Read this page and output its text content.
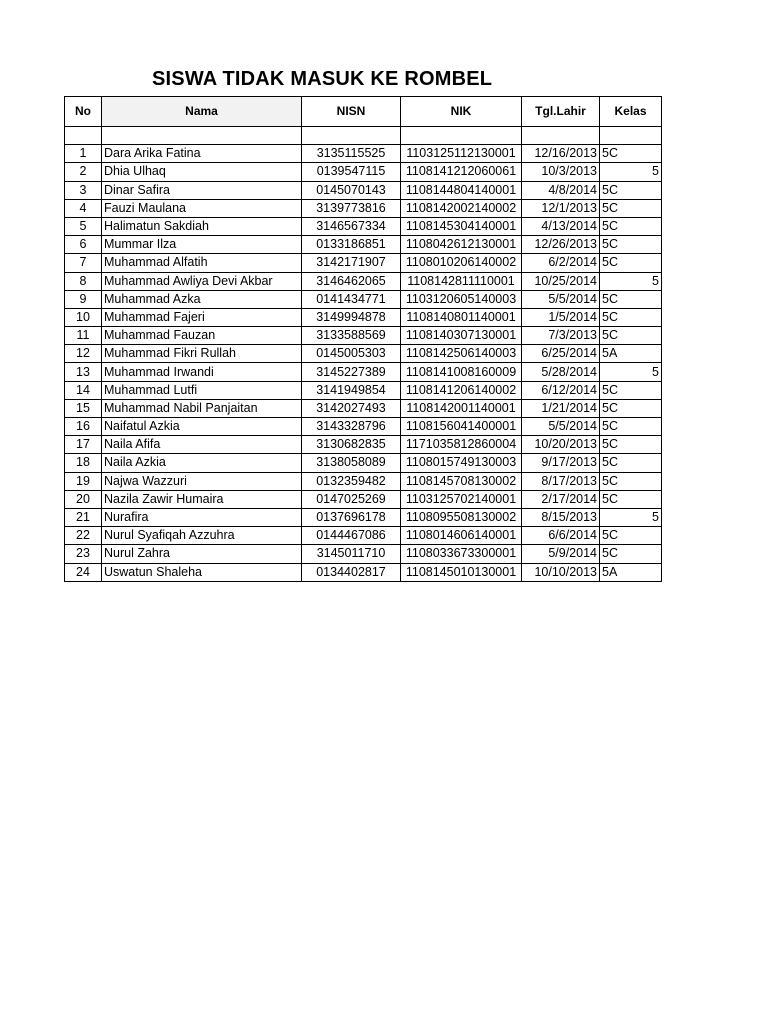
SISWA TIDAK MASUK KE ROMBEL
No	Nama	NISN	NIK	Tgl.Lahir	Kelas

1	Dara Arika Fatina	3135115525	1103125112130001	12/16/2013	5C
2	Dhia Ulhaq	0139547115	1108141212060061	10/3/2013	5
3	Dinar Safira	0145070143	1108144804140001	4/8/2014	5C
4	Fauzi Maulana	3139773816	1108142002140002	12/1/2013	5C
5	Halimatun Sakdiah	3146567334	1108145304140001	4/13/2014	5C
6	Mummar Ilza	0133186851	1108042612130001	12/26/2013	5C
7	Muhammad Alfatih	3142171907	1108010206140002	6/2/2014	5C
8	Muhammad Awliya Devi Akbar	3146462065	1108142811110001	10/25/2014	5
9	Muhammad Azka	0141434771	1103120605140003	5/5/2014	5C
10	Muhammad Fajeri	3149994878	1108140801140001	1/5/2014	5C
11	Muhammad Fauzan	3133588569	1108140307130001	7/3/2013	5C
12	Muhammad Fikri Rullah	0145005303	1108142506140003	6/25/2014	5A
13	Muhammad Irwandi	3145227389	1108141008160009	5/28/2014	5
14	Muhammad Lutfi	3141949854	1108141206140002	6/12/2014	5C
15	Muhammad Nabil Panjaitan	3142027493	1108142001140001	1/21/2014	5C
16	Naifatul Azkia	3143328796	1108156041400001	5/5/2014	5C
17	Naila Afifa	3130682835	1171035812860004	10/20/2013	5C
18	Naila Azkia	3138058089	1108015749130003	9/17/2013	5C
19	Najwa Wazzuri	0132359482	1108145708130002	8/17/2013	5C
20	Nazila Zawir Humaira	0147025269	1103125702140001	2/17/2014	5C
21	Nurafira	0137696178	1108095508130002	8/15/2013	5
22	Nurul Syafiqah Azzuhra	0144467086	1108014606140001	6/6/2014	5C
23	Nurul Zahra	3145011710	1108033673300001	5/9/2014	5C
24	Uswatun Shaleha	0134402817	1108145010130001	10/10/2013	5A
